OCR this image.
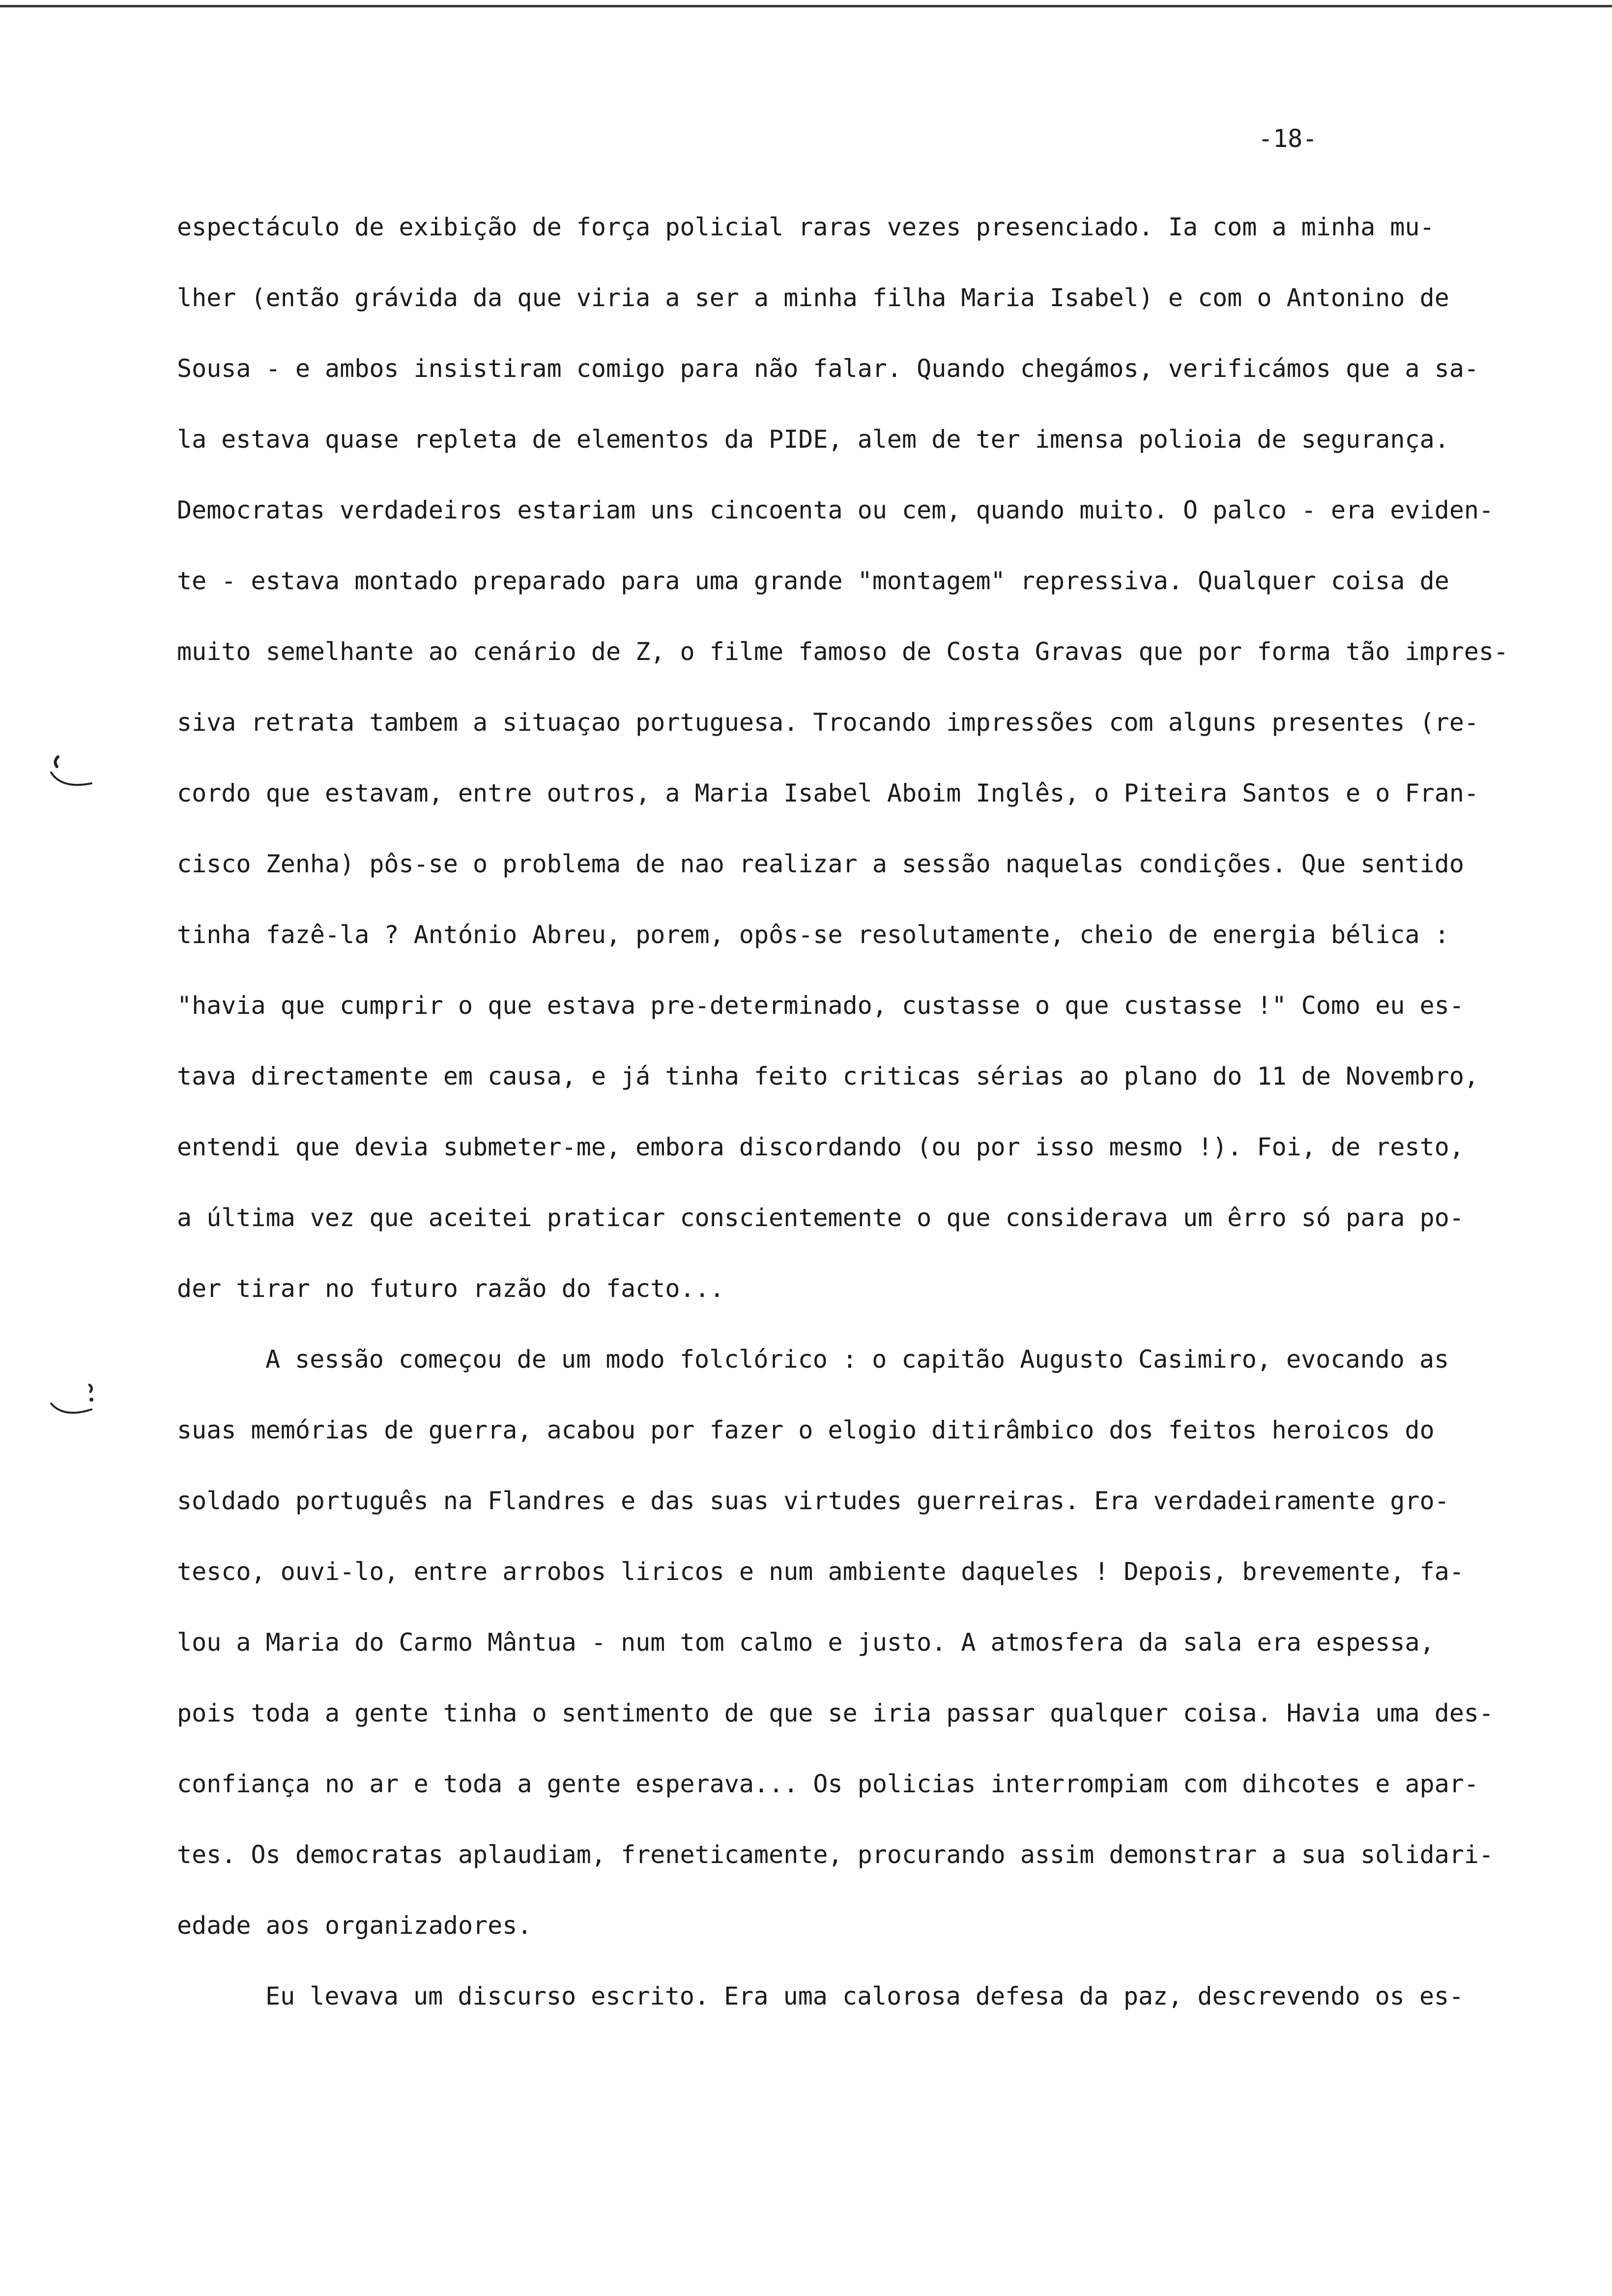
-18-
espectáculo de exibição de força policial raras vezes presenciado. Ia com a minha mu-
lher (então grávida da que viria a ser a minha filha Maria Isabel) e com o Antonino de
Sousa - e ambos insistiram comigo para não falar. Quando chegámos, verificámos que a sa-
la estava quase repleta de elementos da PIDE, alem de ter imensa polioia de segurança.
Democratas verdadeiros estariam uns cincoenta ou cem, quando muito. O palco - era eviden-
te - estava montado preparado para uma grande "montagem" repressiva. Qualquer coisa de
muito semelhante ao cenário de Z, o filme famoso de Costa Gravas que por forma tão impres-
siva retrata tambem a situaçao portuguesa. Trocando impressões com alguns presentes (re-
cordo que estavam, entre outros, a Maria Isabel Aboim Inglês, o Piteira Santos e o Fran-
cisco Zenha) pôs-se o problema de nao realizar a sessão naquelas condições. Que sentido
tinha fazê-la ? António Abreu, porem, opôs-se resolutamente, cheio de energia bélica :
"havia que cumprir o que estava pre-determinado, custasse o que custasse !" Como eu es-
tava directamente em causa, e já tinha feito criticas sérias ao plano do 11 de Novembro,
entendi que devia submeter-me, embora discordando (ou por isso mesmo !). Foi, de resto,
a última vez que aceitei praticar conscientemente o que considerava um êrro só para po-
der tirar no futuro razão do facto...
A sessão começou de um modo folclórico : o capitão Augusto Casimiro, evocando as
suas memórias de guerra, acabou por fazer o elogio ditirâmbico dos feitos heroicos do
soldado português na Flandres e das suas virtudes guerreiras. Era verdadeiramente gro-
tesco, ouvi-lo, entre arrobos liricos e num ambiente daqueles ! Depois, brevemente, fa-
lou a Maria do Carmo Mântua - num tom calmo e justo. A atmosfera da sala era espessa,
pois toda a gente tinha o sentimento de que se iria passar qualquer coisa. Havia uma des-
confiança no ar e toda a gente esperava... Os policias interrompiam com dihcotes e apar-
tes. Os democratas aplaudiam, freneticamente, procurando assim demonstrar a sua solidari-
edade aos organizadores.
Eu levava um discurso escrito. Era uma calorosa defesa da paz, descrevendo os es-
